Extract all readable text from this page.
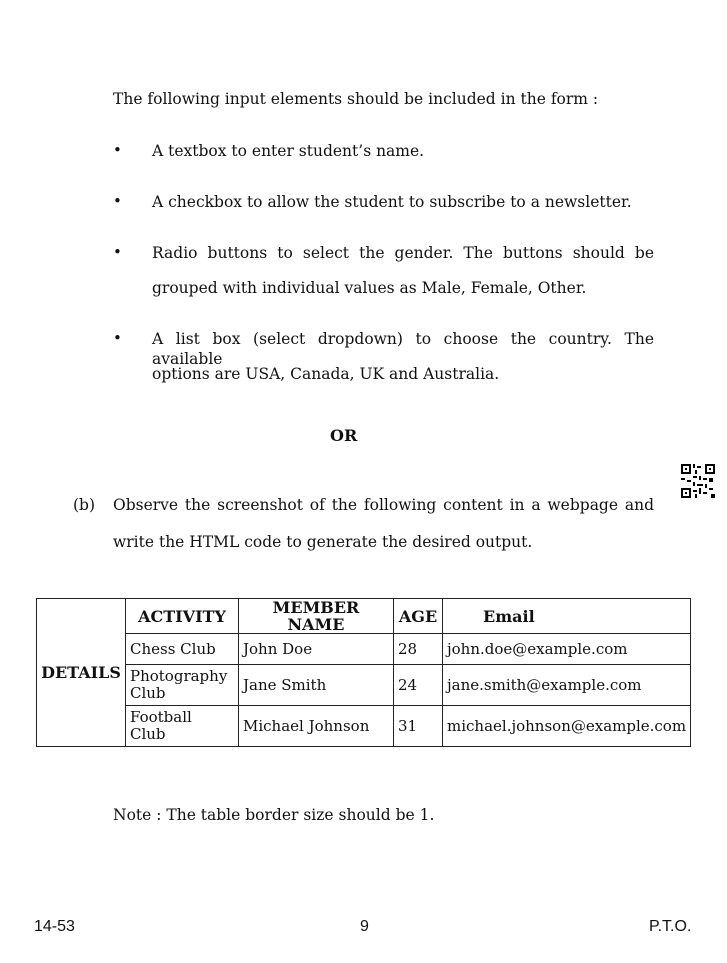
The following input elements should be included in the form :
• A textbox to enter student’s name.
• A checkbox to allow the student to subscribe to a newsletter.
• Radio buttons to select the gender. The buttons should be
grouped with individual values as Male, Female, Other.
• A list box (select dropdown) to choose the country. The available
options are USA, Canada, UK and Australia.
OR
(b) Observe the screenshot of the following content in a webpage and
write the HTML code to generate the desired output.
DETAILS	ACTIVITY	MEMBER NAME	AGE	Email
	Chess Club	John Doe	28	john.doe@example.com
	Photography
Club	Jane Smith	24	jane.smith@example.com
	Football
Club	Michael Johnson	31	michael.johnson@example.com
Note : The table border size should be 1.
14-53	9	P.T.O.
